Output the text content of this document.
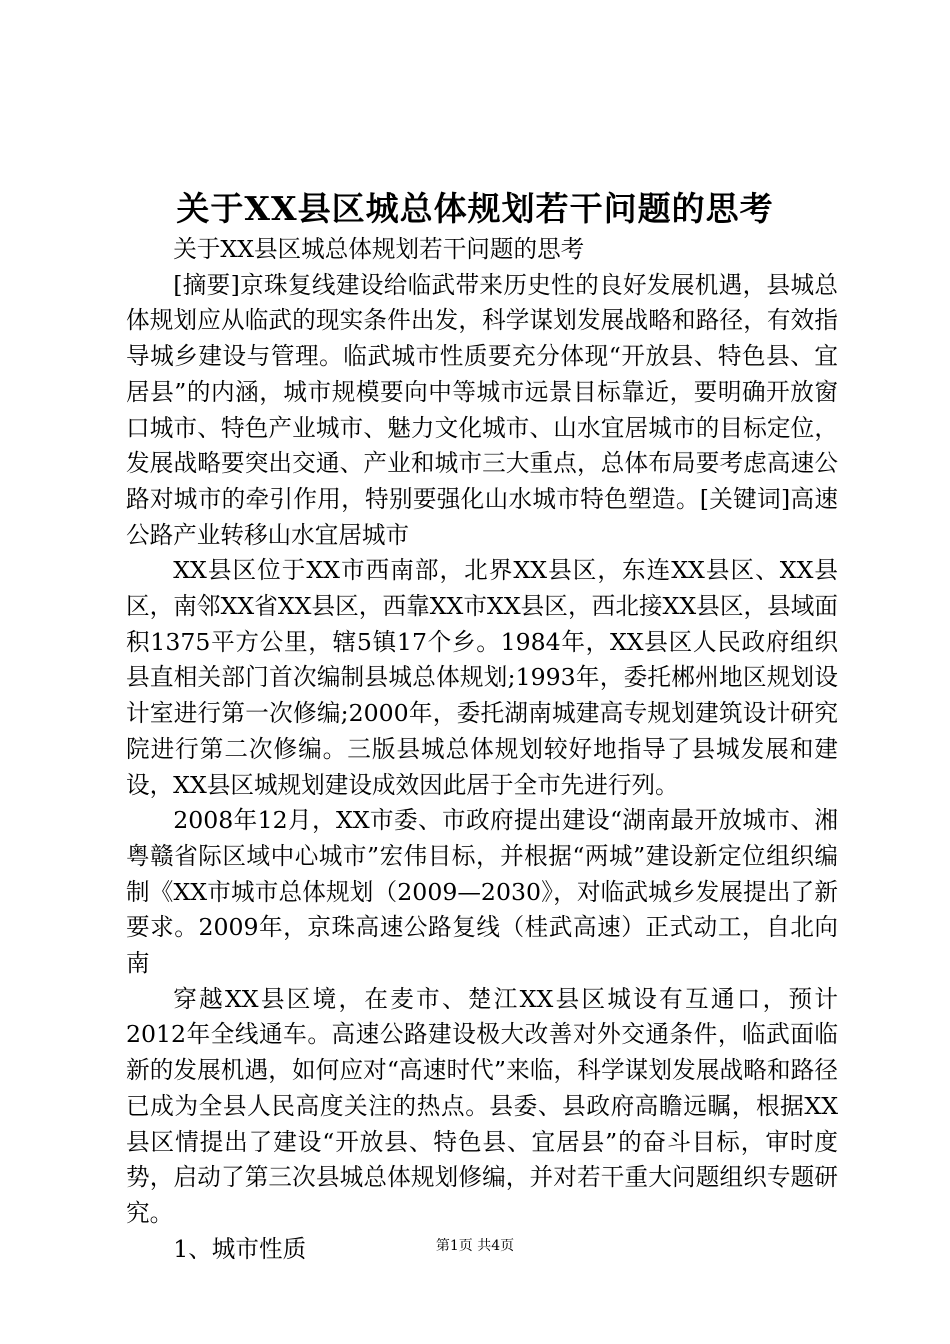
关于XX县区城总体规划若干问题的思考

关于XX县区城总体规划若干问题的思考

[摘要]京珠复线建设给临武带来历史性的良好发展机遇，县城总体规划应从临武的现实条件出发，科学谋划发展战略和路径，有效指导城乡建设与管理。临武城市性质要充分体现“开放县、特色县、宜居县”的内涵，城市规模要向中等城市远景目标靠近，要明确开放窗口城市、特色产业城市、魅力文化城市、山水宜居城市的目标定位，发展战略要突出交通、产业和城市三大重点，总体布局要考虑高速公路对城市的牵引作用，特别要强化山水城市特色塑造。[关键词]高速公路产业转移山水宜居城市

XX县区位于XX市西南部，北界XX县区，东连XX县区、XX县区，南邻XX省XX县区，西靠XX市XX县区，西北接XX县区，县域面积1375平方公里，辖5镇17个乡。1984年，XX县区人民政府组织县直相关部门首次编制县城总体规划;1993年，委托郴州地区规划设计室进行第一次修编;2000年，委托湖南城建高专规划建筑设计研究院进行第二次修编。三版县城总体规划较好地指导了县城发展和建设，XX县区城规划建设成效因此居于全市先进行列。

2008年12月，XX市委、市政府提出建设“湖南最开放城市、湘粤赣省际区域中心城市”宏伟目标，并根据“两城”建设新定位组织编制《XX市城市总体规划（2009—2030》，对临武城乡发展提出了新要求。2009年，京珠高速公路复线（桂武高速）正式动工，自北向南

穿越XX县区境，在麦市、楚江XX县区城设有互通口，预计2012年全线通车。高速公路建设极大改善对外交通条件，临武面临新的发展机遇，如何应对“高速时代”来临，科学谋划发展战略和路径已成为全县人民高度关注的热点。县委、县政府高瞻远瞩，根据XX县区情提出了建设“开放县、特色县、宜居县”的奋斗目标，审时度势，启动了第三次县城总体规划修编，并对若干重大问题组织专题研究。

1、城市性质	第1页 共4页
